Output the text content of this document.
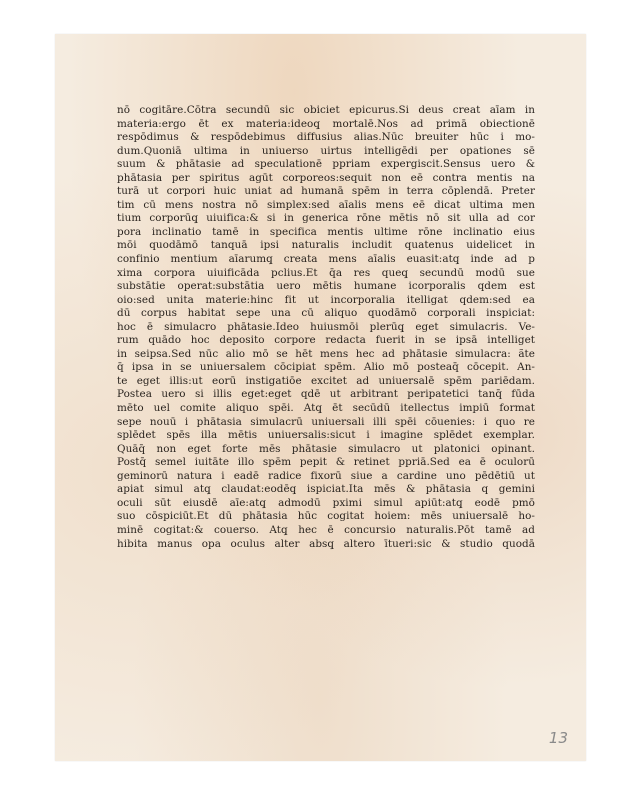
nō cogitāre.Cōtra secundū sic obiciet epicurus.Si deus creat aīam in
materia:ergo ēt ex materia:ideoq̧ mortalē.Nos ad primā obiectionē
respōdimus & respōdebimus diffusius alias.Nūc breuiter hūc i mo-
dum.Quoniā ultima in uniuerso uirtus intelligēdi per opationes sē
suum & phātasie ad speculationē ppriam expergiscit.Sensus uero &
phātasia per spiritus agūt corporeos:sequit non eē contra mentis na
turā ut corpori huic uniat ad humanā spēm in terra cōplendā. Preter
tim cū mens nostra nō simplex:sed aīalis mens eē dicat ultima men
tium corporūq̧ uiuifica:& si in generica rōne mētis nō sit ulla ad cor
pora inclinatio tamē in specifica mentis ultime rōne inclinatio eius
mōi quodāmō tanquā ipsi naturalis includit quatenus uidelicet in
confinio mentium aīarumq̧ creata mens aīalis euasit:atq̧ inde ad p
xima corpora uiuificāda pclius.Et q̄a res queq̧ secundū modū sue
substātie operat:substātia uero mētis humane icorporalis qdem est
oio:sed unita materie:hinc fit ut incorporalia itelligat qdem:sed ea
dū corpus habitat sepe una cū aliquo quodāmō corporali inspiciat:
hoc ē simulacro phātasie.Ideo huiusmōi plerūq̧ eget simulacris. Ve-
rum quādo hoc deposito corpore redacta fuerit in se ipsā intelliget
in seipsa.Sed nūc alio mō se hēt mens hec ad phātasie simulacra: ãte
q̄ ipsa in se uniuersalem cōcipiat spēm. Alio mō posteaq̄ cōcepit. An-
te eget illis:ut eorū instigatiōe excitet ad uniuersalē spēm pariēdam.
Postea uero si illis eget:eget qdē ut arbitrant peripatetici tanq̄ fūda
mēto uel comite aliquo spēi. Atq̧ ēt secūdū itellectus impiū format
sepe nouū i phātasia simulacrū uniuersali illi spēi cōuenies: i quo re
splēdet spēs illa mētis uniuersalis:sicut i imagine splēdet exemplar.
Quāq̄ non eget forte mēs phātasie simulacro ut platonici opinant.
Postq̄ semel iuitāte illo spēm pepit & retinet ppriā.Sed ea ē oculorū
geminorū natura i eadē radice fixorū siue a cardine uno pēdētiū ut
apiat simul atq̧ claudat:eodēq̧ ispiciat.Ita mēs & phātasia q gemini
oculi sūt eiusdē aīe:atq̧ admodū pximi simul apiūt:atq̧ eodē pmō
suo cōspiciūt.Et dū phātasia hūc cogitat hoiem: mēs uniuersalē ho-
minē cogitat:& couerso. Atq̧ hec ē concursio naturalis.Pōt tamē ad
hibita manus opa oculus alter absq̧ altero ītueri:sic & studio quodā
13
